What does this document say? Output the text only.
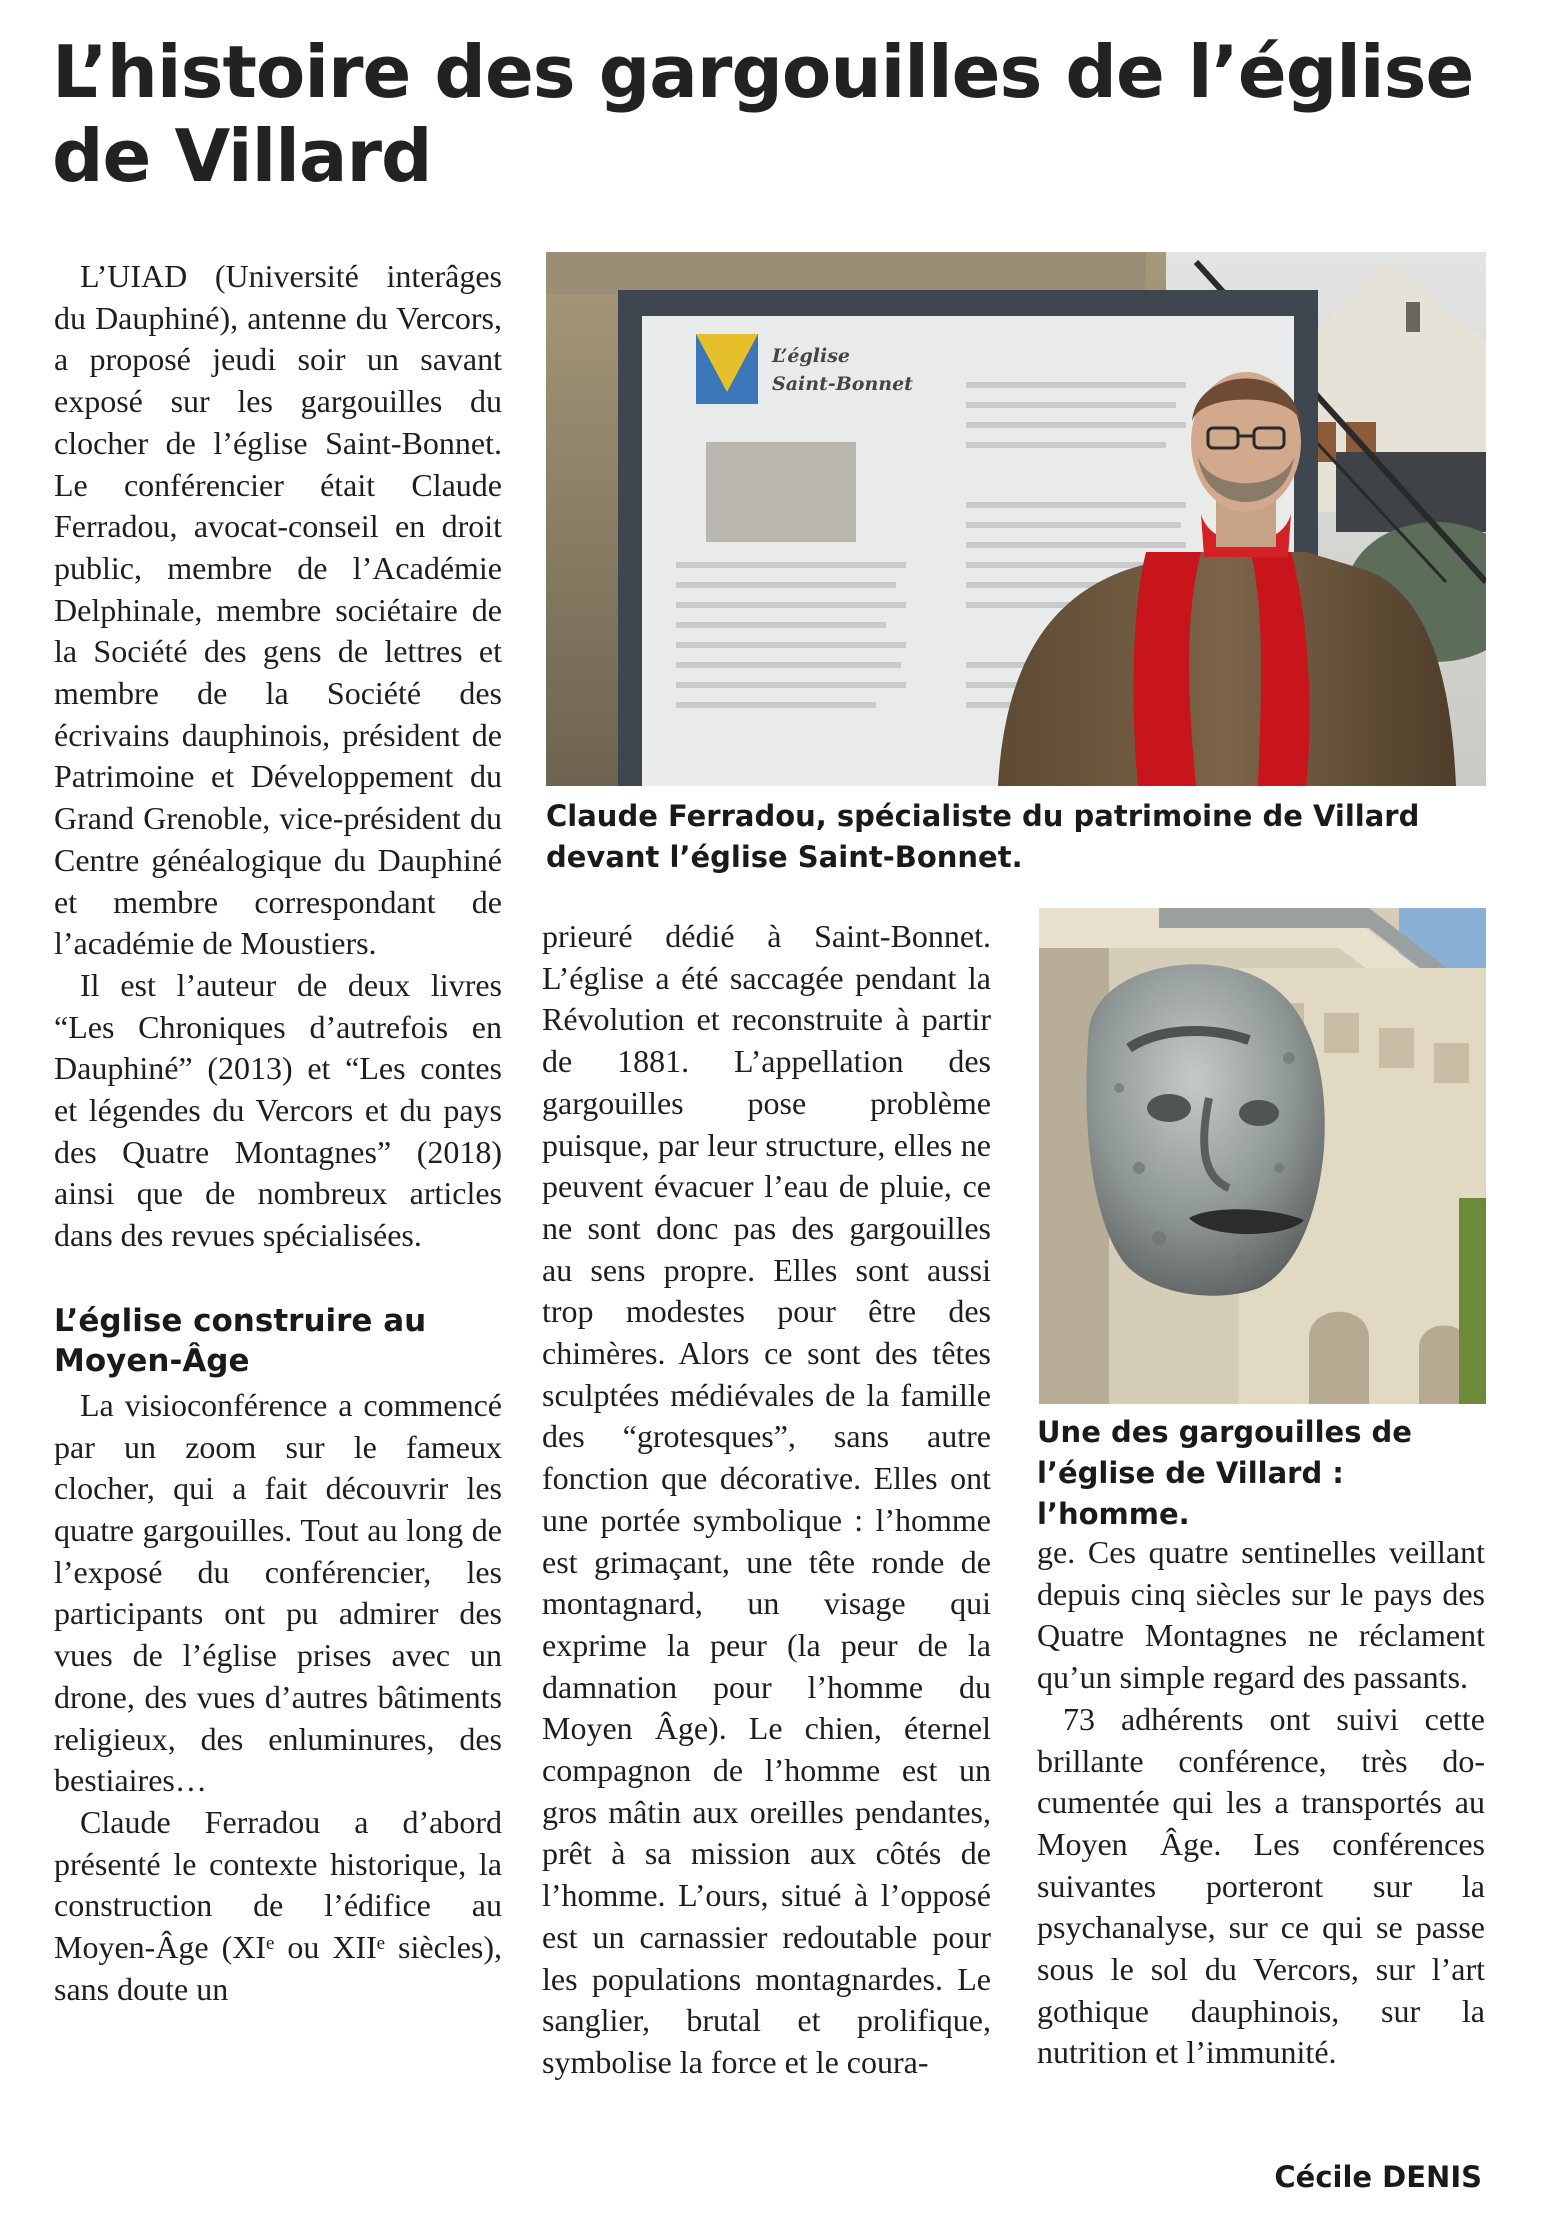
L’histoire des gargouilles de l’église de Villard

L’UIAD (Université interâges du Dauphiné), antenne du Vercors, a proposé jeudi soir un savant exposé sur les gargouilles du clocher de l’église Saint-Bonnet. Le conférencier était Claude Ferradou, avocat-conseil en droit public, membre de l’Académie Delphinale, membre sociétaire de la Société des gens de lettres et membre de la Société des écrivains dauphinois, président de Patrimoine et Développement du Grand Grenoble, vice-président du Centre généalogique du Dauphiné et membre correspondant de l’académie de Moustiers.

Il est l’auteur de deux livres “Les Chroniques d’autrefois en Dauphiné” (2013) et “Les contes et légendes du Vercors et du pays des Quatre Montagnes” (2018) ainsi que de nombreux articles dans des revues spécialisées.

L’église construire au Moyen-Âge

La visioconférence a commencé par un zoom sur le fameux clocher, qui a fait découvrir les quatre gargouilles. Tout au long de l’exposé du conférencier, les participants ont pu admirer des vues de l’église prises avec un drone, des vues d’autres bâtiments religieux, des enluminures, des bestiaires…

Claude Ferradou a d’abord présenté le contexte historique, la construction de l’édifice au Moyen-Âge (XIᵉ ou XIIᵉ siècles), sans doute un

L’église
Saint-Bonnet
Claude Ferradou, spécialiste du patrimoine de Villard devant l’église Saint-Bonnet.

prieuré dédié à Saint-Bonnet. L’église a été saccagée pendant la Révolution et reconstruite à partir de 1881. L’appellation des gargouilles pose problème puisque, par leur structure, elles ne peuvent évacuer l’eau de pluie, ce ne sont donc pas des gargouilles au sens propre. Elles sont aussi trop modestes pour être des chimères. Alors ce sont des têtes sculptées médiévales de la famille des “grotesques”, sans autre fonction que décorative. Elles ont une portée symbolique : l’homme est grimaçant, une tête ronde de montagnard, un visage qui exprime la peur (la peur de la damnation pour l’homme du Moyen Âge). Le chien, éternel compagnon de l’homme est un gros mâtin aux oreilles pendantes, prêt à sa mission aux côtés de l’homme. L’ours, situé à l’opposé est un carnassier redoutable pour les populations montagnardes. Le sanglier, brutal et prolifique, symbolise la force et le coura-

Une des gargouilles de l’église de Villard : l’homme.

ge. Ces quatre sentinelles veillant depuis cinq siècles sur le pays des Quatre Montagnes ne réclament qu’un simple regard des passants.

73 adhérents ont suivi cette brillante conférence, très documentée qui les a transportés au Moyen Âge. Les conférences suivantes porteront sur la psychanalyse, sur ce qui se passe sous le sol du Vercors, sur l’art gothique dauphinois, sur la nutrition et l’immunité.

Cécile DENIS
